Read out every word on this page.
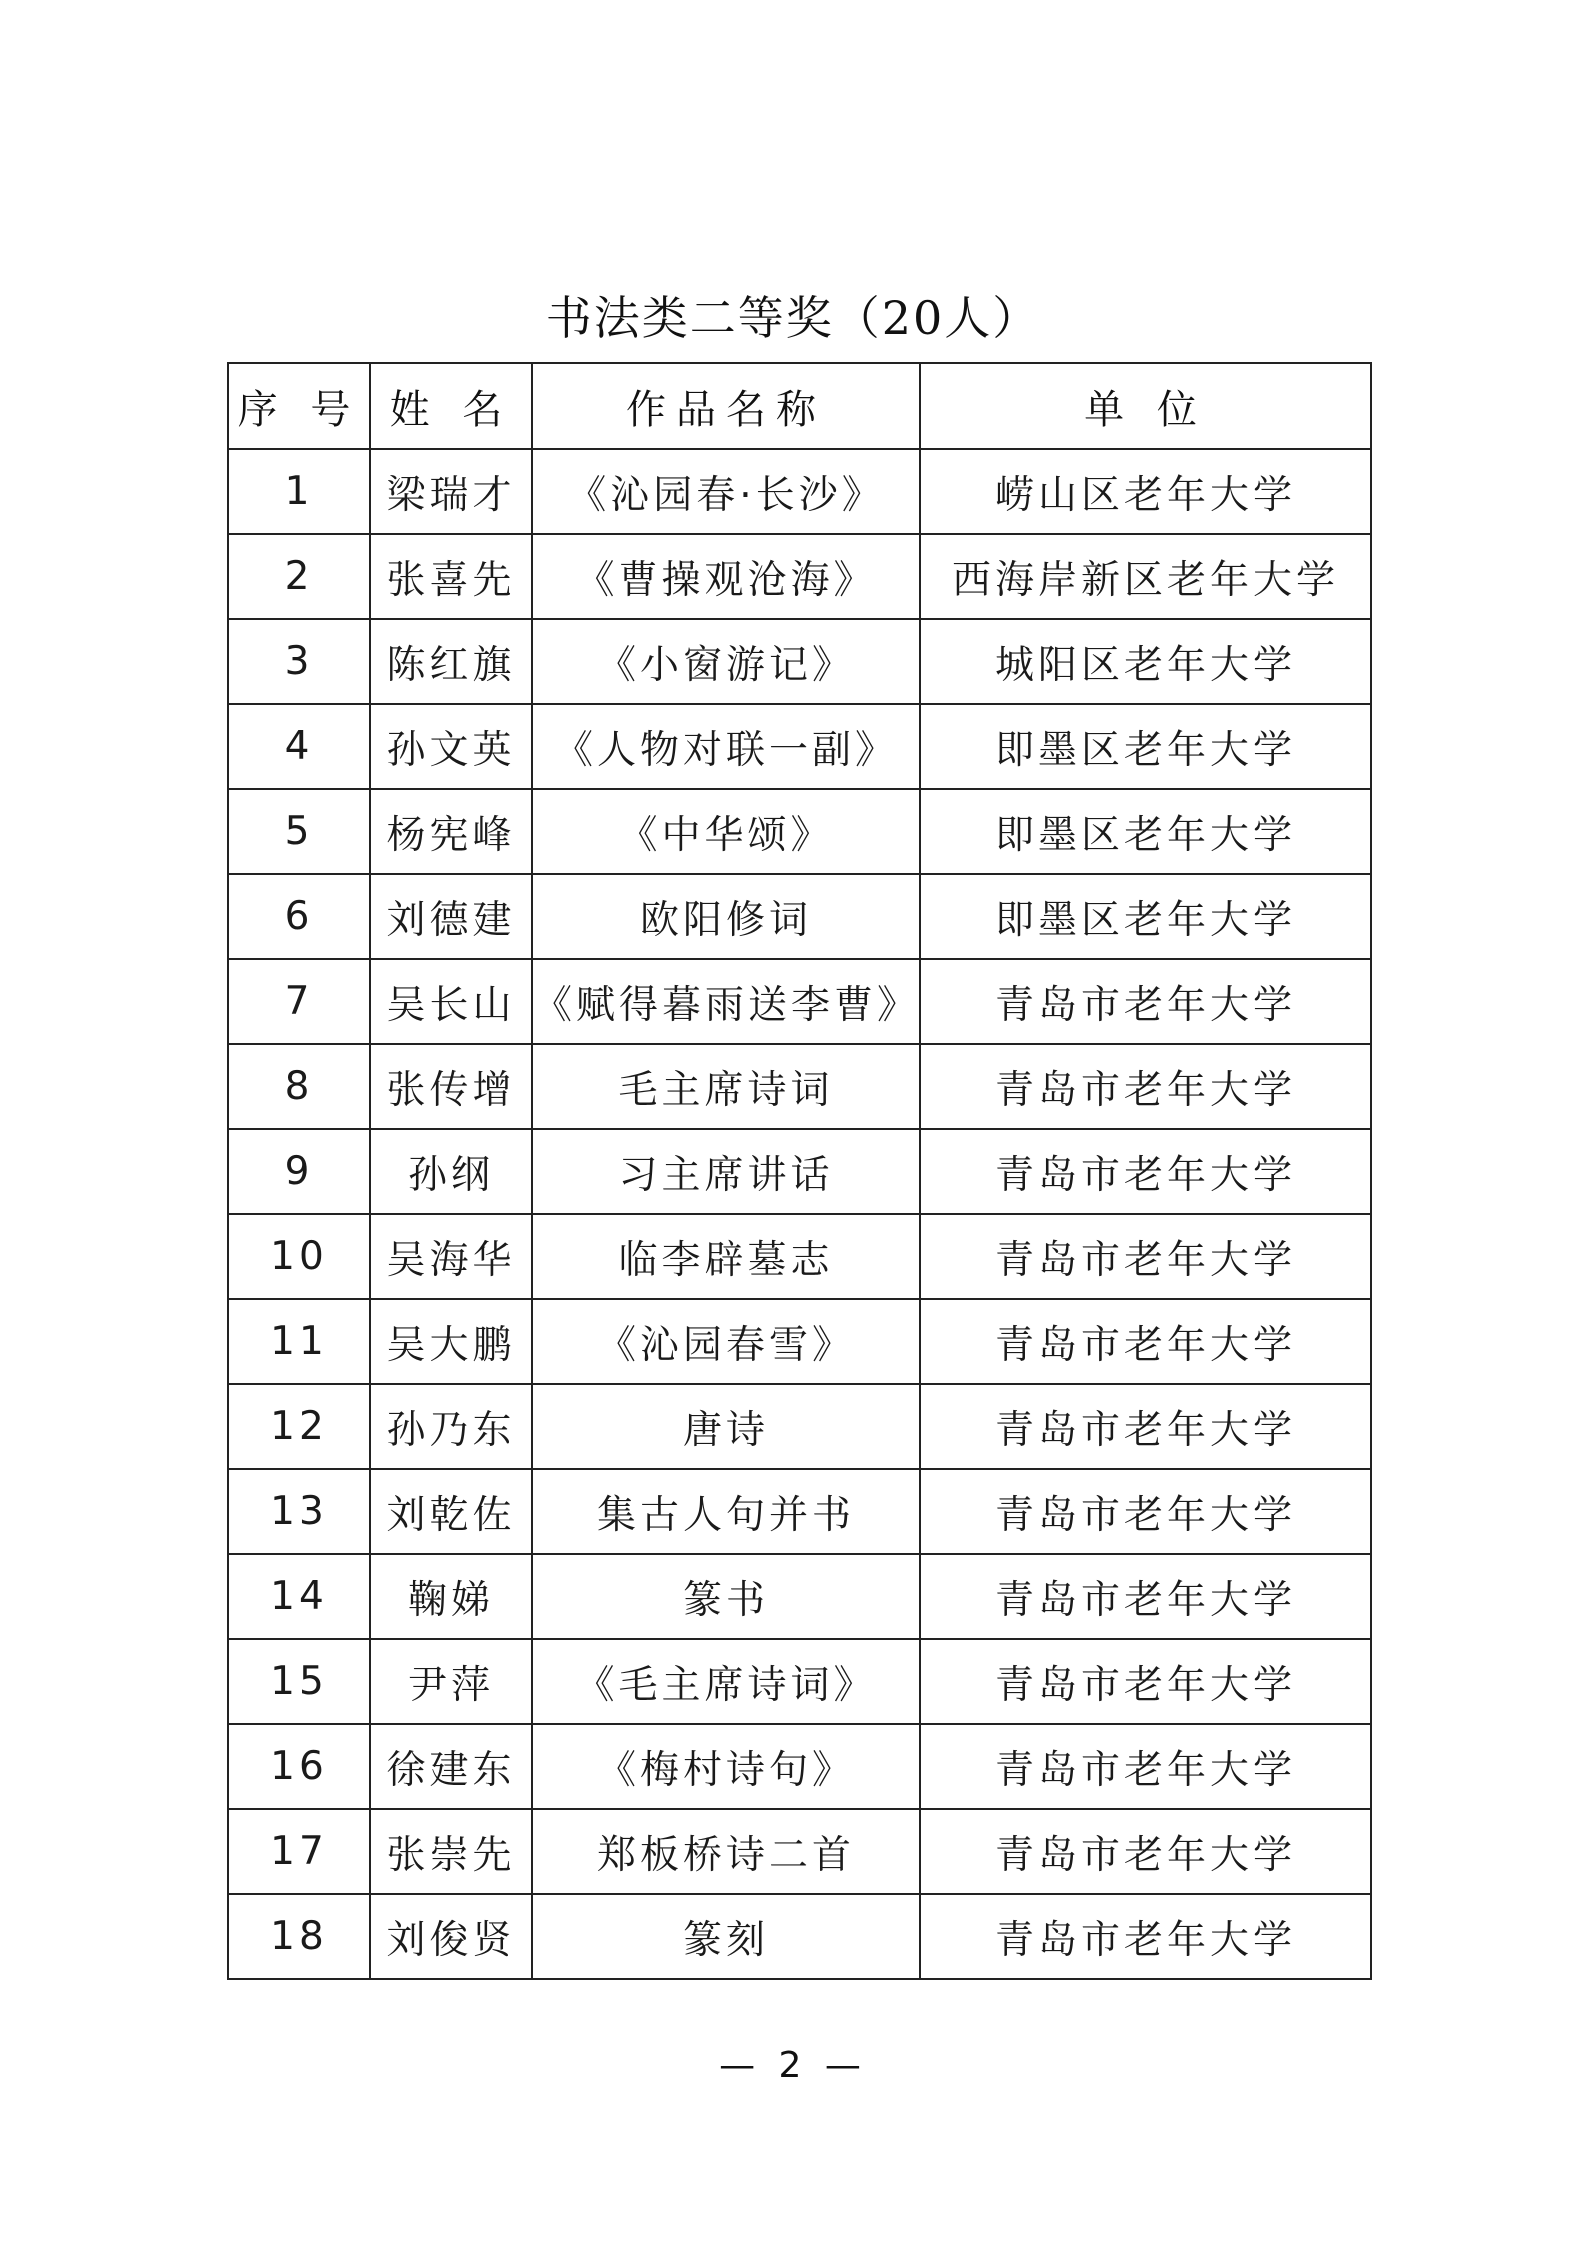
书法类二等奖（20人）
序 号	姓 名	作品名称	单 位
1	梁瑞才	《沁园春·长沙》	崂山区老年大学
2	张喜先	《曹操观沧海》	西海岸新区老年大学
3	陈红旗	《小窗游记》	城阳区老年大学
4	孙文英	《人物对联一副》	即墨区老年大学
5	杨宪峰	《中华颂》	即墨区老年大学
6	刘德建	欧阳修词	即墨区老年大学
7	吴长山	《赋得暮雨送李曹》	青岛市老年大学
8	张传增	毛主席诗词	青岛市老年大学
9	孙纲	习主席讲话	青岛市老年大学
10	吴海华	临李辟墓志	青岛市老年大学
11	吴大鹏	《沁园春雪》	青岛市老年大学
12	孙乃东	唐诗	青岛市老年大学
13	刘乾佐	集古人句并书	青岛市老年大学
14	鞠娣	篆书	青岛市老年大学
15	尹萍	《毛主席诗词》	青岛市老年大学
16	徐建东	《梅村诗句》	青岛市老年大学
17	张崇先	郑板桥诗二首	青岛市老年大学
18	刘俊贤	篆刻	青岛市老年大学
— 2 —
